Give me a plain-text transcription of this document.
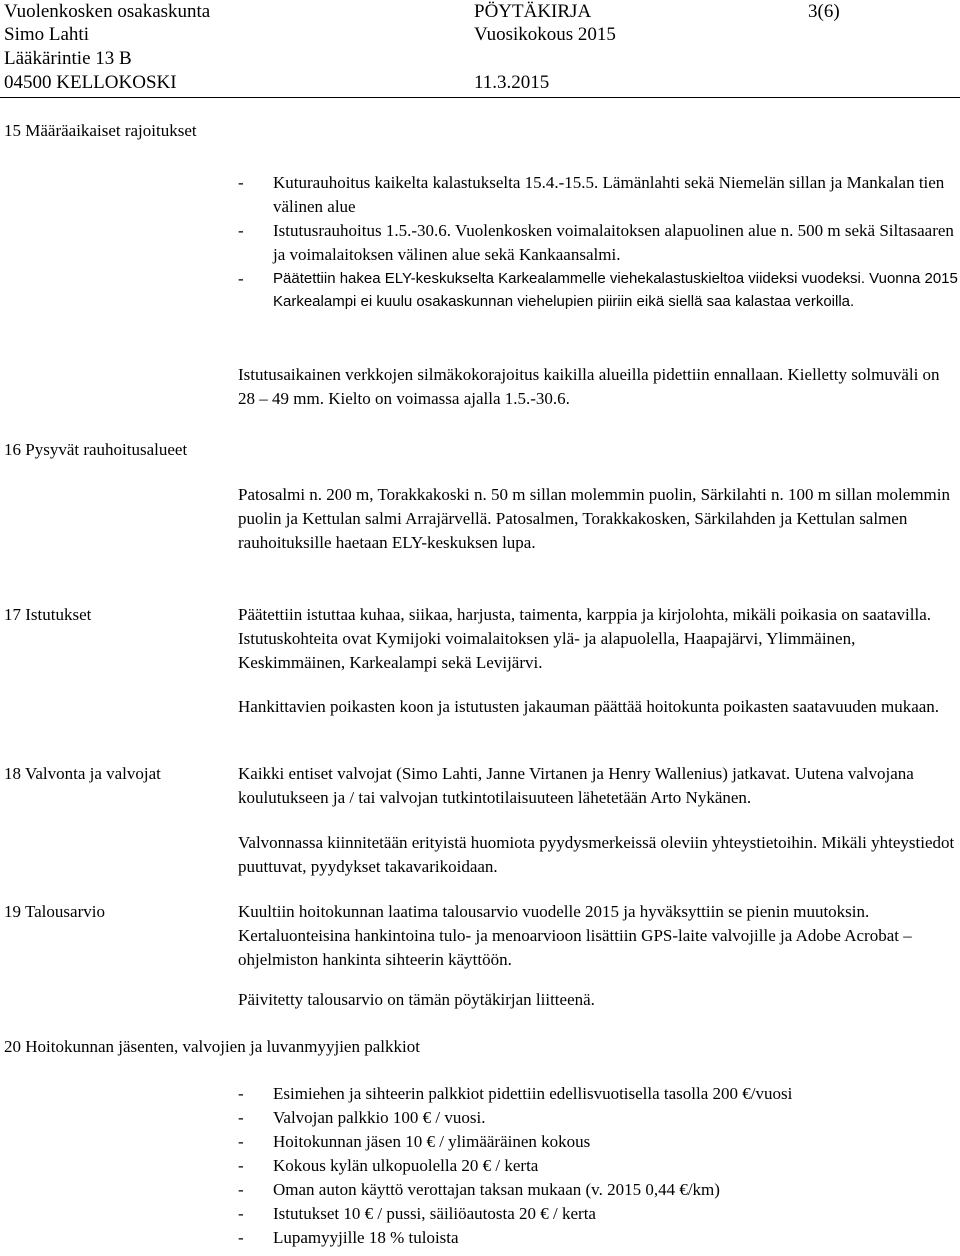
Vuolenkosken osakaskunta	PÖYTÄKIRJA	3(6)
Simo Lahti	Vuosikokous 2015
Lääkärintie 13 B
04500 KELLOKOSKI	11.3.2015
15 Määräaikaiset rajoitukset
- Kuturauhoitus kaikelta kalastukselta 15.4.-15.5. Lämänlahti sekä Niemelän sillan ja Mankalan tien välinen alue
- Istutusrauhoitus 1.5.-30.6. Vuolenkosken voimalaitoksen alapuolinen alue n. 500 m sekä Siltasaaren ja voimalaitoksen välinen alue sekä Kankaansalmi.
- Päätettiin hakea ELY-keskukselta Karkealammelle viehekalastuskieltoa viideksi vuodeksi. Vuonna 2015 Karkealampi ei kuulu osakaskunnan viehelupien piiriin eikä siellä saa kalastaa verkoilla.
Istutusaikainen verkkojen silmäkokorajoitus kaikilla alueilla pidettiin ennallaan. Kielletty solmuväli on 28 – 49 mm. Kielto on voimassa ajalla 1.5.-30.6.
16 Pysyvät rauhoitusalueet
Patosalmi n. 200 m, Torakkakoski n. 50 m sillan molemmin puolin, Särkilahti n. 100 m sillan molemmin puolin ja Kettulan salmi Arrajärvellä. Patosalmen, Torakkakosken, Särkilahden ja Kettulan salmen rauhoituksille haetaan ELY-keskuksen lupa.
17 Istutukset	Päätettiin istuttaa kuhaa, siikaa, harjusta, taimenta, karppia ja kirjolohta, mikäli poikasia on saatavilla. Istutuskohteita ovat Kymijoki voimalaitoksen ylä- ja alapuolella, Haapajärvi, Ylimmäinen, Keskimmäinen, Karkealampi sekä Levijärvi.
Hankittavien poikasten koon ja istutusten jakauman päättää hoitokunta poikasten saatavuuden mukaan.
18 Valvonta ja valvojat	Kaikki entiset valvojat (Simo Lahti, Janne Virtanen ja Henry Wallenius) jatkavat. Uutena valvojana koulutukseen ja / tai valvojan tutkintotilaisuuteen lähetetään Arto Nykänen.
Valvonnassa kiinnitetään erityistä huomiota pyydysmerkeissä oleviin yhteystietoihin. Mikäli yhteystiedot puuttuvat, pyydykset takavarikoidaan.
19 Talousarvio	Kuultiin hoitokunnan laatima talousarvio vuodelle 2015 ja hyväksyttiin se pienin muutoksin. Kertaluonteisina hankintoina tulo- ja menoarvioon lisättiin GPS-laite valvojille ja Adobe Acrobat –ohjelmiston hankinta sihteerin käyttöön.
Päivitetty talousarvio on tämän pöytäkirjan liitteenä.
20 Hoitokunnan jäsenten, valvojien ja luvanmyyjien palkkiot
- Esimiehen ja sihteerin palkkiot pidettiin edellisvuotisella tasolla 200 €/vuosi
- Valvojan palkkio 100 € / vuosi.
- Hoitokunnan jäsen 10 € / ylimääräinen kokous
- Kokous kylän ulkopuolella 20 € / kerta
- Oman auton käyttö verottajan taksan mukaan (v. 2015 0,44 €/km)
- Istutukset 10 € / pussi, säiliöautosta 20 € / kerta
- Lupamyyjille 18 % tuloista
